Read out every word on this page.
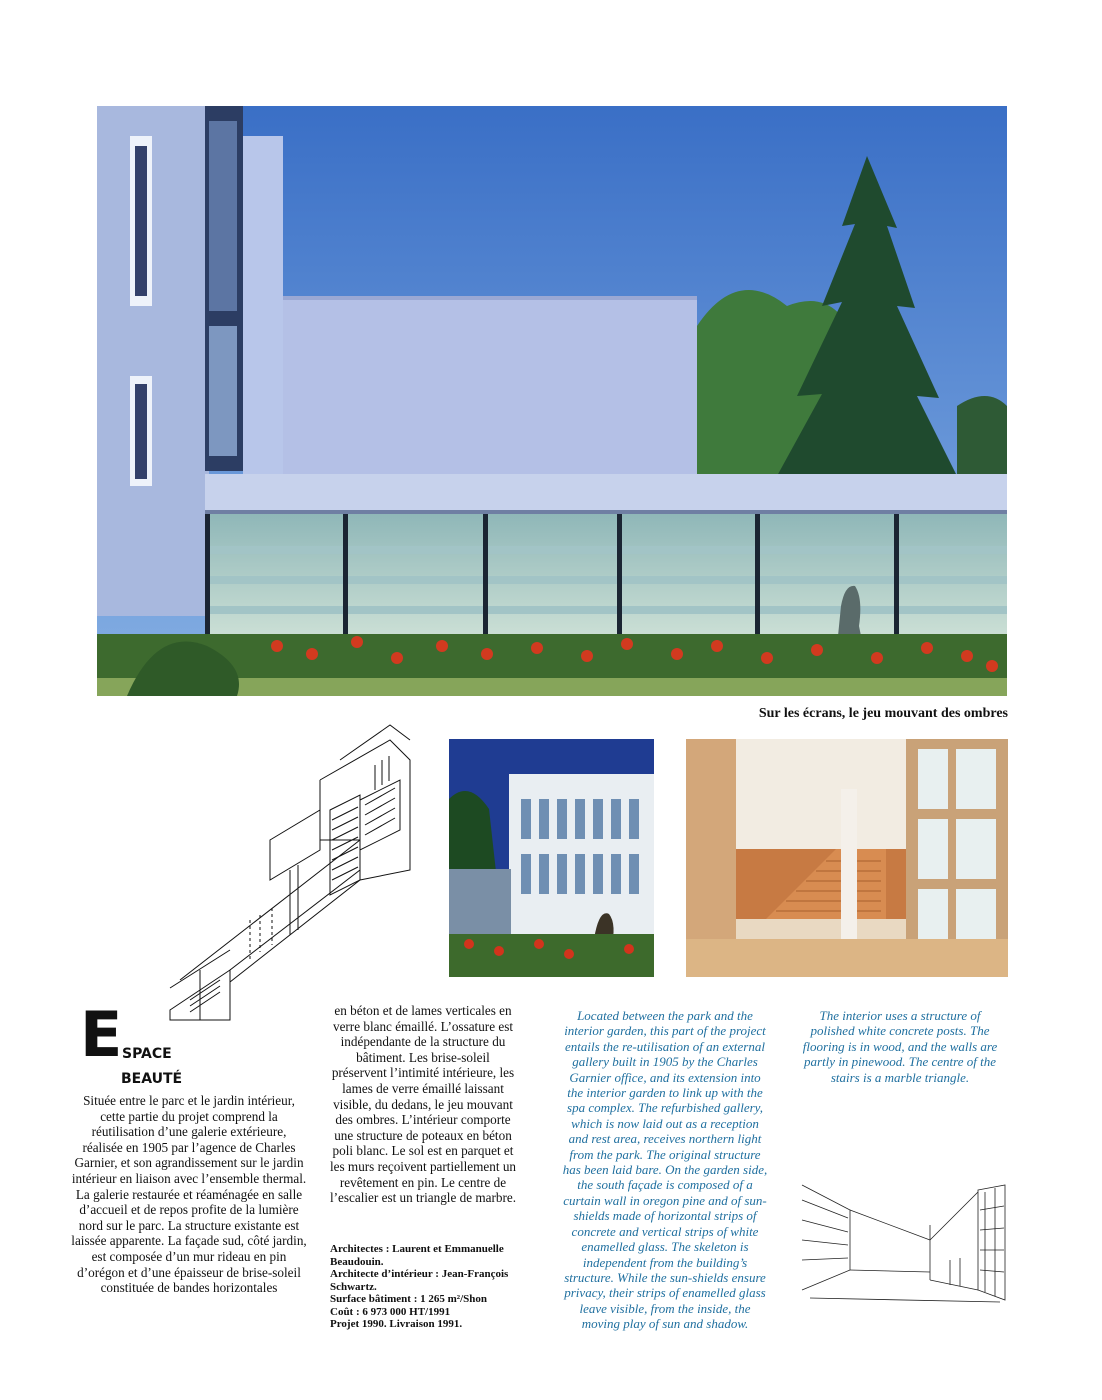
Sur les écrans, le jeu mouvant des ombres
E SPACE
BEAUTÉ

Située entre le parc et le jardin intérieur, cette partie du projet comprend la réutilisation d’une galerie extérieure, réalisée en 1905 par l’agence de Charles Garnier, et son agrandissement sur le jardin intérieur en liaison avec l’ensemble thermal. La galerie restaurée et réaménagée en salle d’accueil et de repos profite de la lumière nord sur le parc. La structure existante est laissée apparente. La façade sud, côté jardin, est composée d’un mur rideau en pin d’orégon et d’une épaisseur de brise-soleil constituée de bandes horizontales

en béton et de lames verticales en verre blanc émaillé. L’ossature est indépendante de la structure du bâtiment. Les brise-soleil préservent l’intimité intérieure, les lames de verre émaillé laissant visible, du dedans, le jeu mouvant des ombres. L’intérieur comporte une structure de poteaux en béton poli blanc. Le sol est en parquet et les murs reçoivent partiellement un revêtement en pin. Le centre de l’escalier est un triangle de marbre.

Architectes : Laurent et Emmanuelle Beaudouin.
Architecte d’intérieur : Jean-François Schwartz.
Surface bâtiment : 1 265 m²/Shon
Coût : 6 973 000 HT/1991
Projet 1990. Livraison 1991.

Located between the park and the interior garden, this part of the project entails the re-utilisation of an external gallery built in 1905 by the Charles Garnier office, and its extension into the interior garden to link up with the spa complex. The refurbished gallery, which is now laid out as a reception and rest area, receives northern light from the park. The original structure has been laid bare. On the garden side, the south façade is composed of a curtain wall in oregon pine and of sun-shields made of horizontal strips of concrete and vertical strips of white enamelled glass. The skeleton is independent from the building’s structure. While the sun-shields ensure privacy, their strips of enamelled glass leave visible, from the inside, the moving play of sun and shadow.

The interior uses a structure of polished white concrete posts. The flooring is in wood, and the walls are partly in pinewood. The centre of the stairs is a marble triangle.
